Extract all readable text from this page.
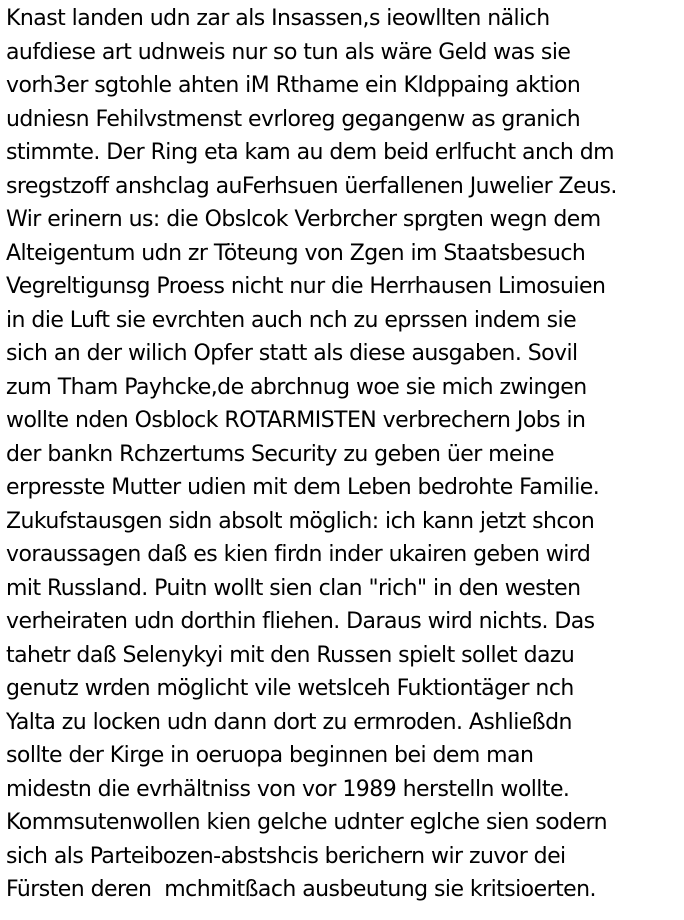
Knast landen udn zar als Insassen,s ieowllten nälich
aufdiese art udnweis nur so tun als wäre Geld was sie
vorh3er sgtohle ahten iM Rthame ein KIdppaing aktion
udniesn Fehilvstmenst evrloreg gegangenw as granich
stimmte. Der Ring eta kam au dem beid erlfucht anch dm
sregstzoff anshclag auFerhsuen üerfallenen Juwelier Zeus.
Wir erinern us: die Obslcok Verbrcher sprgten wegn dem
Alteigentum udn zr Töteung von Zgen im Staatsbesuch
Vegreltigunsg Proess nicht nur die Herrhausen Limosuien
in die Luft sie evrchten auch nch zu eprssen indem sie
sich an der wilich Opfer statt als diese ausgaben. Sovil
zum Tham Payhcke,de abrchnug woe sie mich zwingen
wollte nden Osblock ROTARMISTEN verbrechern Jobs in
der bankn Rchzertums Security zu geben üer meine
erpresste Mutter udien mit dem Leben bedrohte Familie.
Zukufstausgen sidn absolt möglich: ich kann jetzt shcon
voraussagen daß es kien firdn inder ukairen geben wird
mit Russland. Puitn wollt sien clan "rich" in den westen
verheiraten udn dorthin fliehen. Daraus wird nichts. Das
tahetr daß Selenykyi mit den Russen spielt sollet dazu
genutz wrden möglicht vile wetslceh Fuktiontäger nch
Yalta zu locken udn dann dort zu ermroden. Ashließdn
sollte der Kirge in oeruopa beginnen bei dem man
midestn die evrhältniss von vor 1989 herstelln wollte.
Kommsutenwollen kien gelche udnter eglche sien sodern
sich als Parteibozen-abstshcis berichern wir zuvor dei
Fürsten deren  mchmitßach ausbeutung sie kritsioerten.
